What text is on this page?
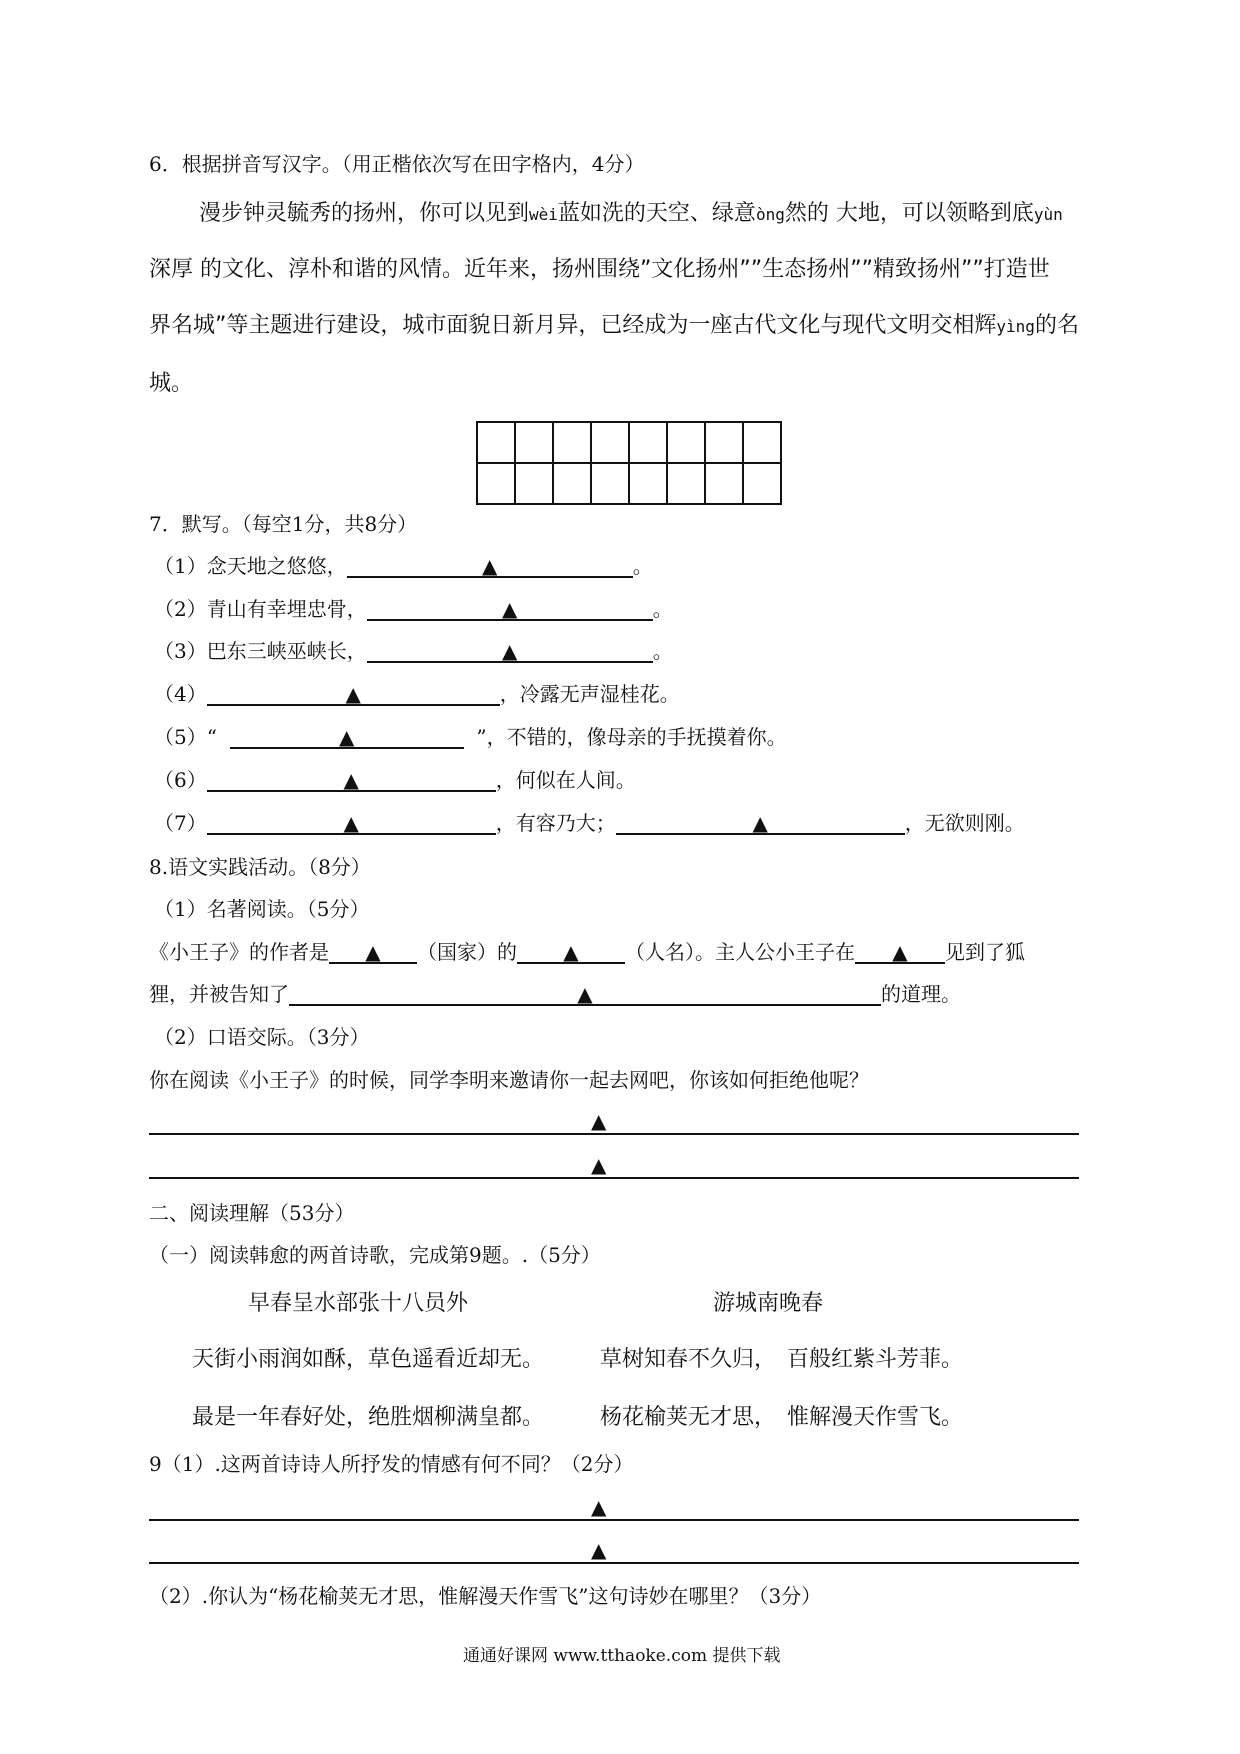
6．根据拼音写汉字。（用正楷依次写在田字格内，4分）
漫步钟灵毓秀的扬州，你可以见到wèi蓝如洗的天空、绿意òng然的 大地，可以领略到底yùn
深厚 的文化、淳朴和谐的风情。近年来，扬州围绕”文化扬州””生态扬州””精致扬州””打造世
界名城”等主题进行建设，城市面貌日新月异，已经成为一座古代文化与现代文明交相辉yìng的名
城。

7．默写。（每空1分，共8分）
（1）念天地之悠悠，	▲	。
（2）青山有幸埋忠骨，	▲	。
（3）巴东三峡巫峡长，	▲	。
（4）	▲	，冷露无声湿桂花。
（5）“	▲	”，不错的，像母亲的手抚摸着你。
（6）	▲	，何似在人间。
（7）	▲	，有容乃大；	▲	，无欲则刚。
8.语文实践活动。（8分）
（1）名著阅读。（5分）
《小王子》的作者是 ▲ （国家）的 ▲ （人名）。主人公小王子在 ▲ 见到了狐
狸，并被告知了	▲	的道理。
（2）口语交际。（3分）
你在阅读《小王子》的时候，同学李明来邀请你一起去网吧，你该如何拒绝他呢？
▲
▲
二、阅读理解（53分）
（一）阅读韩愈的两首诗歌，完成第9题。.（5分）
早春呈水部张十八员外	游城南晚春
天街小雨润如酥，草色遥看近却无。	草树知春不久归，　百般红紫斗芳菲。
最是一年春好处，绝胜烟柳满皇都。	杨花榆荚无才思，　惟解漫天作雪飞。
9（1）.这两首诗诗人所抒发的情感有何不同？（2分）
▲
▲
（2）.你认为“杨花榆荚无才思，惟解漫天作雪飞”这句诗妙在哪里？（3分）
通通好课网 www.tthaoke.com 提供下载
